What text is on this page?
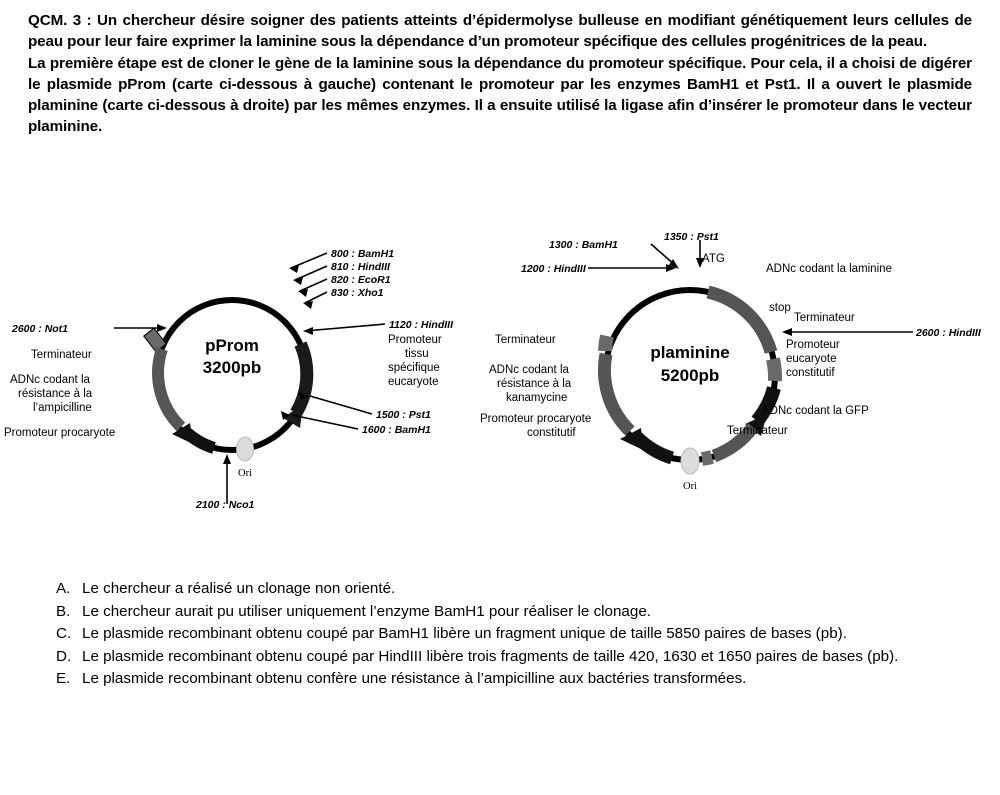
QCM. 3 : Un chercheur désire soigner des patients atteints d’épidermolyse bulleuse en modifiant génétiquement leurs cellules de peau pour leur faire exprimer la laminine sous la dépendance d’un promoteur spécifique des cellules progénitrices de la peau.

La première étape est de cloner le gène de la laminine sous la dépendance du promoteur spécifique. Pour cela, il a choisi de digérer le plasmide pProm (carte ci-dessous à gauche) contenant le promoteur par les enzymes BamH1 et Pst1. Il a ouvert le plasmide plaminine (carte ci-dessous à droite) par les mêmes enzymes. Il a ensuite utilisé la ligase afin d’insérer le promoteur dans le vecteur plaminine.

pProm
3200pb
Ori
800 : BamH1
810 : HindIII
820 : EcoR1
830 : Xho1
1120 : HindIII
1500 : Pst1
1600 : BamH1
2100 : Nco1
2600 : Not1
Promoteur
tissu
spécifique
eucaryote
Terminateur
ADNc codant la
résistance à la
l’ampicilline
Promoteur procaryote
plaminine
5200pb
Ori
1200 : HindIII
1300 : BamH1
1350 : Pst1
2600 : HindIII
ATG
ADNc codant la laminine
stop
Terminateur
Promoteur
eucaryote
constitutif
ADNc codant la GFP
Terminateur
Terminateur
ADNc codant la
résistance à la
kanamycine
Promoteur procaryote
constitutif
A. Le chercheur a réalisé un clonage non orienté.
B. Le chercheur aurait pu utiliser uniquement l’enzyme BamH1 pour réaliser le clonage.
C. Le plasmide recombinant obtenu coupé par BamH1 libère un fragment unique de taille 5850 paires de bases (pb).
D. Le plasmide recombinant obtenu coupé par HindIII libère trois fragments de taille 420, 1630 et 1650 paires de bases (pb).
E. Le plasmide recombinant obtenu confère une résistance à l’ampicilline aux bactéries transformées.
